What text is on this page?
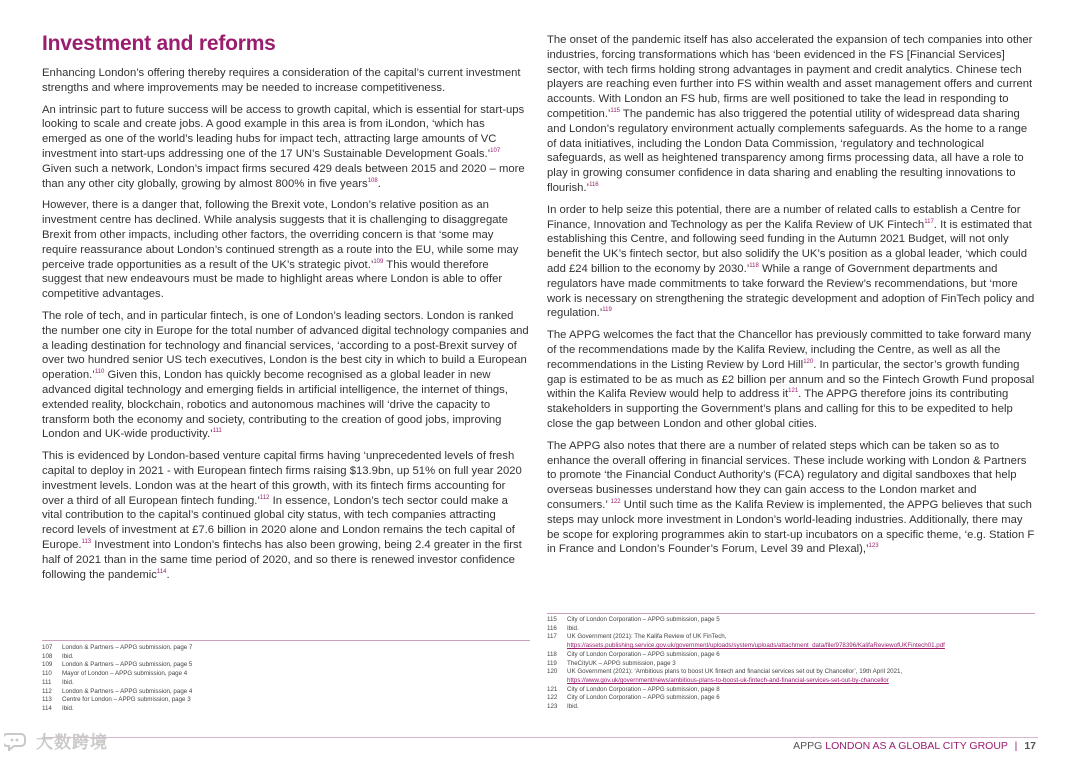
Investment and reforms

Enhancing London’s offering thereby requires a consideration of the capital’s current investment strengths and where improvements may be needed to increase competitiveness.

An intrinsic part to future success will be access to growth capital, which is essential for start-ups looking to scale and create jobs. A good example in this area is from iLondon, ‘which has emerged as one of the world’s leading hubs for impact tech, attracting large amounts of VC investment into start-ups addressing one of the 17 UN’s Sustainable Development Goals.’$^{107}$ Given such a network, London’s impact firms secured 429 deals between 2015 and 2020 – more than any other city globally, growing by almost 800% in five years$^{108}$.

However, there is a danger that, following the Brexit vote, London’s relative position as an investment centre has declined. While analysis suggests that it is challenging to disaggregate Brexit from other impacts, including other factors, the overriding concern is that ‘some may require reassurance about London’s continued strength as a route into the EU, while some may perceive trade opportunities as a result of the UK’s strategic pivot.’$^{109}$ This would therefore suggest that new endeavours must be made to highlight areas where London is able to offer competitive advantages.

The role of tech, and in particular fintech, is one of London’s leading sectors. London is ranked the number one city in Europe for the total number of advanced digital technology companies and a leading destination for technology and financial services, ‘according to a post-Brexit survey of over two hundred senior US tech executives, London is the best city in which to build a European operation.’$^{110}$ Given this, London has quickly become recognised as a global leader in new advanced digital technology and emerging fields in artificial intelligence, the internet of things, extended reality, blockchain, robotics and autonomous machines will ‘drive the capacity to transform both the economy and society, contributing to the creation of good jobs, improving London and UK-wide productivity.’$^{111}$

This is evidenced by London-based venture capital firms having ‘unprecedented levels of fresh capital to deploy in 2021 - with European fintech firms raising $13.9bn, up 51% on full year 2020 investment levels. London was at the heart of this growth, with its fintech firms accounting for over a third of all European fintech funding.’$^{112}$ In essence, London’s tech sector could make a vital contribution to the capital’s continued global city status, with tech companies attracting record levels of investment at £7.6 billion in 2020 alone and London remains the tech capital of Europe.$^{113}$ Investment into London’s fintechs has also been growing, being 2.4 greater in the first half of 2021 than in the same time period of 2020, and so there is renewed investor confidence following the pandemic$^{114}$.

The onset of the pandemic itself has also accelerated the expansion of tech companies into other industries, forcing transformations which has ‘been evidenced in the FS [Financial Services] sector, with tech firms holding strong advantages in payment and credit analytics. Chinese tech players are reaching even further into FS within wealth and asset management offers and current accounts. With London an FS hub, firms are well positioned to take the lead in responding to competition.’$^{115}$ The pandemic has also triggered the potential utility of widespread data sharing and London’s regulatory environment actually complements safeguards. As the home to a range of data initiatives, including the London Data Commission, ‘regulatory and technological safeguards, as well as heightened transparency among firms processing data, all have a role to play in growing consumer confidence in data sharing and enabling the resulting innovations to flourish.’$^{116}$

In order to help seize this potential, there are a number of related calls to establish a Centre for Finance, Innovation and Technology as per the Kalifa Review of UK Fintech$^{117}$. It is estimated that establishing this Centre, and following seed funding in the Autumn 2021 Budget, will not only benefit the UK’s fintech sector, but also solidify the UK’s position as a global leader, ‘which could add £24 billion to the economy by 2030.’$^{118}$ While a range of Government departments and regulators have made commitments to take forward the Review’s recommendations, but ‘more work is necessary on strengthening the strategic development and adoption of FinTech policy and regulation.’$^{119}$

The APPG welcomes the fact that the Chancellor has previously committed to take forward many of the recommendations made by the Kalifa Review, including the Centre, as well as all the recommendations in the Listing Review by Lord Hill$^{120}$. In particular, the sector’s growth funding gap is estimated to be as much as £2 billion per annum and so the Fintech Growth Fund proposal within the Kalifa Review would help to address $it^{121}$. The APPG therefore joins its contributing stakeholders in supporting the Government’s plans and calling for this to be expedited to help close the gap between London and other global cities.

The APPG also notes that there are a number of related steps which can be taken so as to enhance the overall offering in financial services. These include working with London & Partners to promote ‘the Financial Conduct Authority’s (FCA) regulatory and digital sandboxes that help overseas businesses understand how they can gain access to the London market and consumers.’ $^{122}$ Until such time as the Kalifa Review is implemented, the APPG believes that such steps may unlock more investment in London’s world-leading industries. Additionally, there may be scope for exploring programmes akin to start-up incubators on a specific theme, ‘e.g. Station F in France and London’s Founder’s Forum, Level 39 and Plexal),’$^{123}$

115	City of London Corporation – APPG submission, page 5
116	Ibid.
117	UK Government (2021): The Kalifa Review of UK FinTech, https://assets.publishing.service.gov.uk/government/uploads/system/uploads/attachment_data/file/978396/KalifaReviewofUKFintech01.pdf
118	City of London Corporation – APPG submission, page 6
119	TheCityUK – APPG submission, page 3
120	UK Government (2021): ‘Ambitious plans to boost UK fintech and financial services set out by Chancellor’, 19th April 2021, https://www.gov.uk/government/news/ambitious-plans-to-boost-uk-fintech-and-financial-services-set-out-by-chancellor
121	City of London Corporation – APPG submission, page 8
122	City of London Corporation – APPG submission, page 6
123	Ibid.
107	London & Partners – APPG submission, page 7
108	Ibid.
109	London & Partners – APPG submission, page 5
110	Mayor of London – APPG submission, page 4
111	Ibid.
112	London & Partners – APPG submission, page 4
113	Centre for London – APPG submission, page 3
114	Ibid.
大数跨境	APPG LONDON AS A GLOBAL CITY GROUP | 17
